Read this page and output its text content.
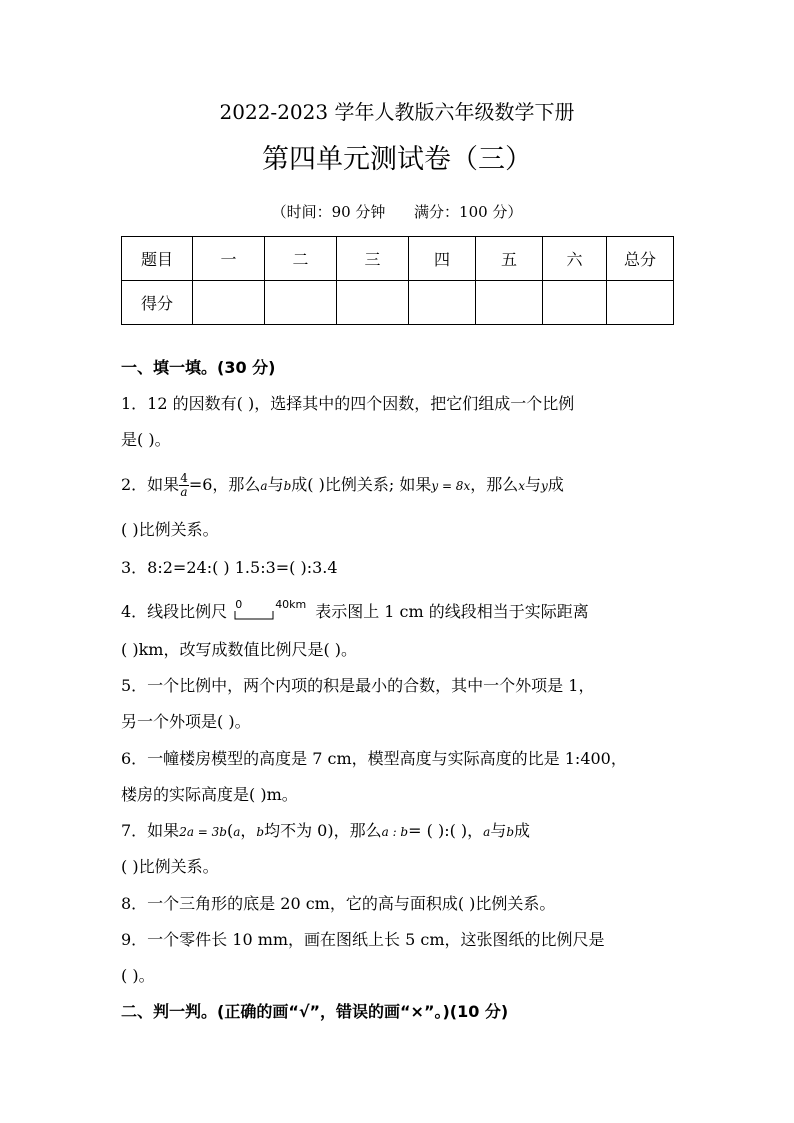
2022-2023 学年人教版六年级数学下册
第四单元测试卷（三）
（时间：90 分钟      满分：100 分）
题目	一	二	三	四	五	六	总分
得分							
一、填一填。(30 分)
1．12 的因数有( )，选择其中的四个因数，把它们组成一个比例
是( )。
2．如果 $\frac{4}{a} =6$，那么a与b成( )比例关系; 如果y = 8x，那么x与y成
( )比例关系。
3．8:2=24:( ) 1.5:3=( ):3.4
4．线段比例尺 0	40km 表示图上 1 cm 的线段相当于实际距离
( )km，改写成数值比例尺是( )。
5．一个比例中，两个内项的积是最小的合数，其中一个外项是 1，
另一个外项是( )。
6．一幢楼房模型的高度是 7 cm，模型高度与实际高度的比是 1:400，
楼房的实际高度是( )m。
7．如果2a = 3b(a，b均不为 0)，那么a : b= ( ):( )，a与b成
( )比例关系。
8．一个三角形的底是 20 cm，它的高与面积成( )比例关系。
9．一个零件长 10 mm，画在图纸上长 5 cm，这张图纸的比例尺是
( )。
二、判一判。(正确的画“√”，错误的画“×”。)(10 分)
